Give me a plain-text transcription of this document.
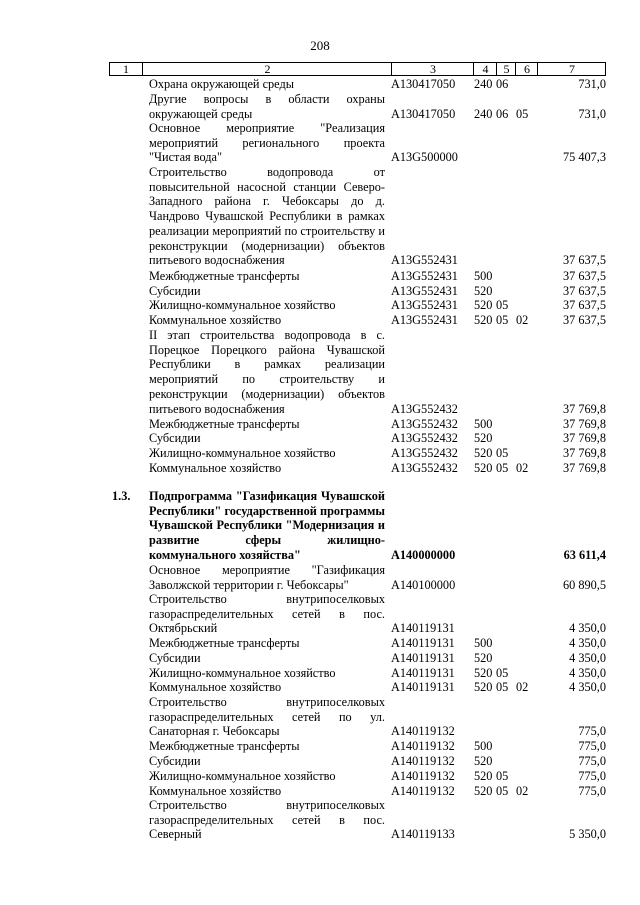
208
1	2	3	4	5	6	7
Охрана окружающей среды	A130417050	240 06	731,0
Другие вопросы в области охраны окружающей среды	A130417050	240 06 05	731,0
Основное мероприятие "Реализация мероприятий регионального проекта "Чистая вода"	A13G500000	75 407,3
Строительство водопровода от повысительной насосной станции Северо-Западного района г. Чебоксары до д. Чандрово Чувашской Республики в рамках реализации мероприятий по строительству и реконструкции (модернизации) объектов питьевого водоснабжения	A13G552431	37 637,5
Межбюджетные трансферты	A13G552431	500	37 637,5
Субсидии	A13G552431	520	37 637,5
Жилищно-коммунальное хозяйство	A13G552431	520 05	37 637,5
Коммунальное хозяйство	A13G552431	520 05 02	37 637,5
II этап строительства водопровода в с. Порецкое Порецкого района Чувашской Республики в рамках реализации мероприятий по строительству и реконструкции (модернизации) объектов питьевого водоснабжения	A13G552432	37 769,8
Межбюджетные трансферты	A13G552432	500	37 769,8
Субсидии	A13G552432	520	37 769,8
Жилищно-коммунальное хозяйство	A13G552432	520 05	37 769,8
Коммунальное хозяйство	A13G552432	520 05 02	37 769,8
1.3.	Подпрограмма "Газификация Чувашской Республики" государственной программы Чувашской Республики "Модернизация и развитие сферы жилищно-коммунального хозяйства"	A140000000	63 611,4
Основное мероприятие "Газификация Заволжской территории г. Чебоксары"	A140100000	60 890,5
Строительство внутрипоселковых газораспределительных сетей в пос. Октябрьский	A140119131	4 350,0
Межбюджетные трансферты	A140119131	500	4 350,0
Субсидии	A140119131	520	4 350,0
Жилищно-коммунальное хозяйство	A140119131	520 05	4 350,0
Коммунальное хозяйство	A140119131	520 05 02	4 350,0
Строительство внутрипоселковых газораспределительных сетей по ул. Санаторная г. Чебоксары	A140119132	775,0
Межбюджетные трансферты	A140119132	500	775,0
Субсидии	A140119132	520	775,0
Жилищно-коммунальное хозяйство	A140119132	520 05	775,0
Коммунальное хозяйство	A140119132	520 05 02	775,0
Строительство внутрипоселковых газораспределительных сетей в пос. Северный	A140119133	5 350,0
